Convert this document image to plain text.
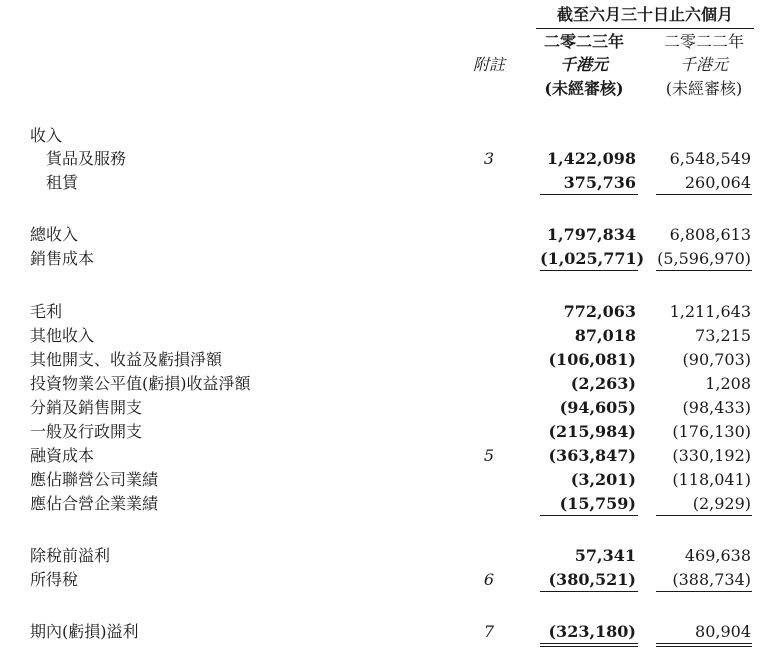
截至六月三十日止六個月
二零二三年	二零二二年
附註	千港元	千港元
(未經審核)	(未經審核)
收入
貨品及服務	3	1,422,098	6,548,549
租賃	375,736	260,064
總收入	1,797,834	6,808,613
銷售成本	(1,025,771) (5,596,970)
毛利	772,063	1,211,643
其他收入	87,018	73,215
其他開支、收益及虧損淨額	(106,081)	(90,703)
投資物業公平值(虧損)收益淨額	(2,263)	1,208
分銷及銷售開支	(94,605)	(98,433)
一般及行政開支	(215,984)	(176,130)
融資成本	5	(363,847)	(330,192)
應佔聯營公司業績	(3,201)	(118,041)
應佔合營企業業績	(15,759)	(2,929)
除稅前溢利	57,341	469,638
所得稅	6	(380,521)	(388,734)
期內(虧損)溢利	7	(323,180)	80,904
